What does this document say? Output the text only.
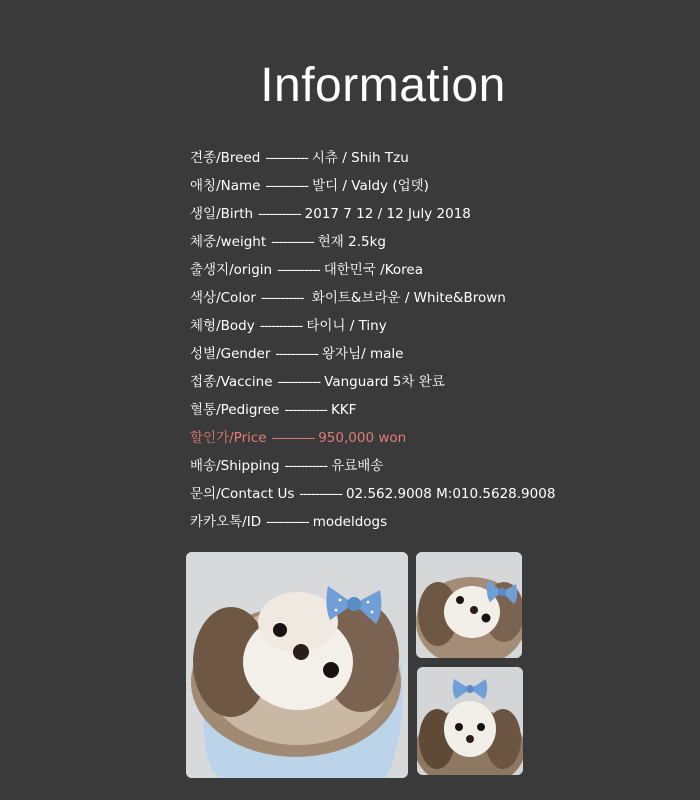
Information
견종/Breed ----------- 시츄 / Shih Tzu
애칭/Name ----------- 발디 / Valdy (업뎃)
생일/Birth ----------- 2017 7 12 / 12 July 2018
체중/weight ----------- 현재 2.5kg
출생지/origin ----------- 대한민국 /Korea
색상/Color ----------- 화이트&브라운 / White&Brown
체형/Body ----------- 타이니 / Tiny
성별/Gender ----------- 왕자님/ male
접종/Vaccine ----------- Vanguard 5차 완료
혈통/Pedigree ----------- KKF
할인가/Price ----------- 950,000 won
배송/Shipping ----------- 유료배송
문의/Contact Us ----------- 02.562.9008 M:010.5628.9008
카카오톡/ID ----------- modeldogs
